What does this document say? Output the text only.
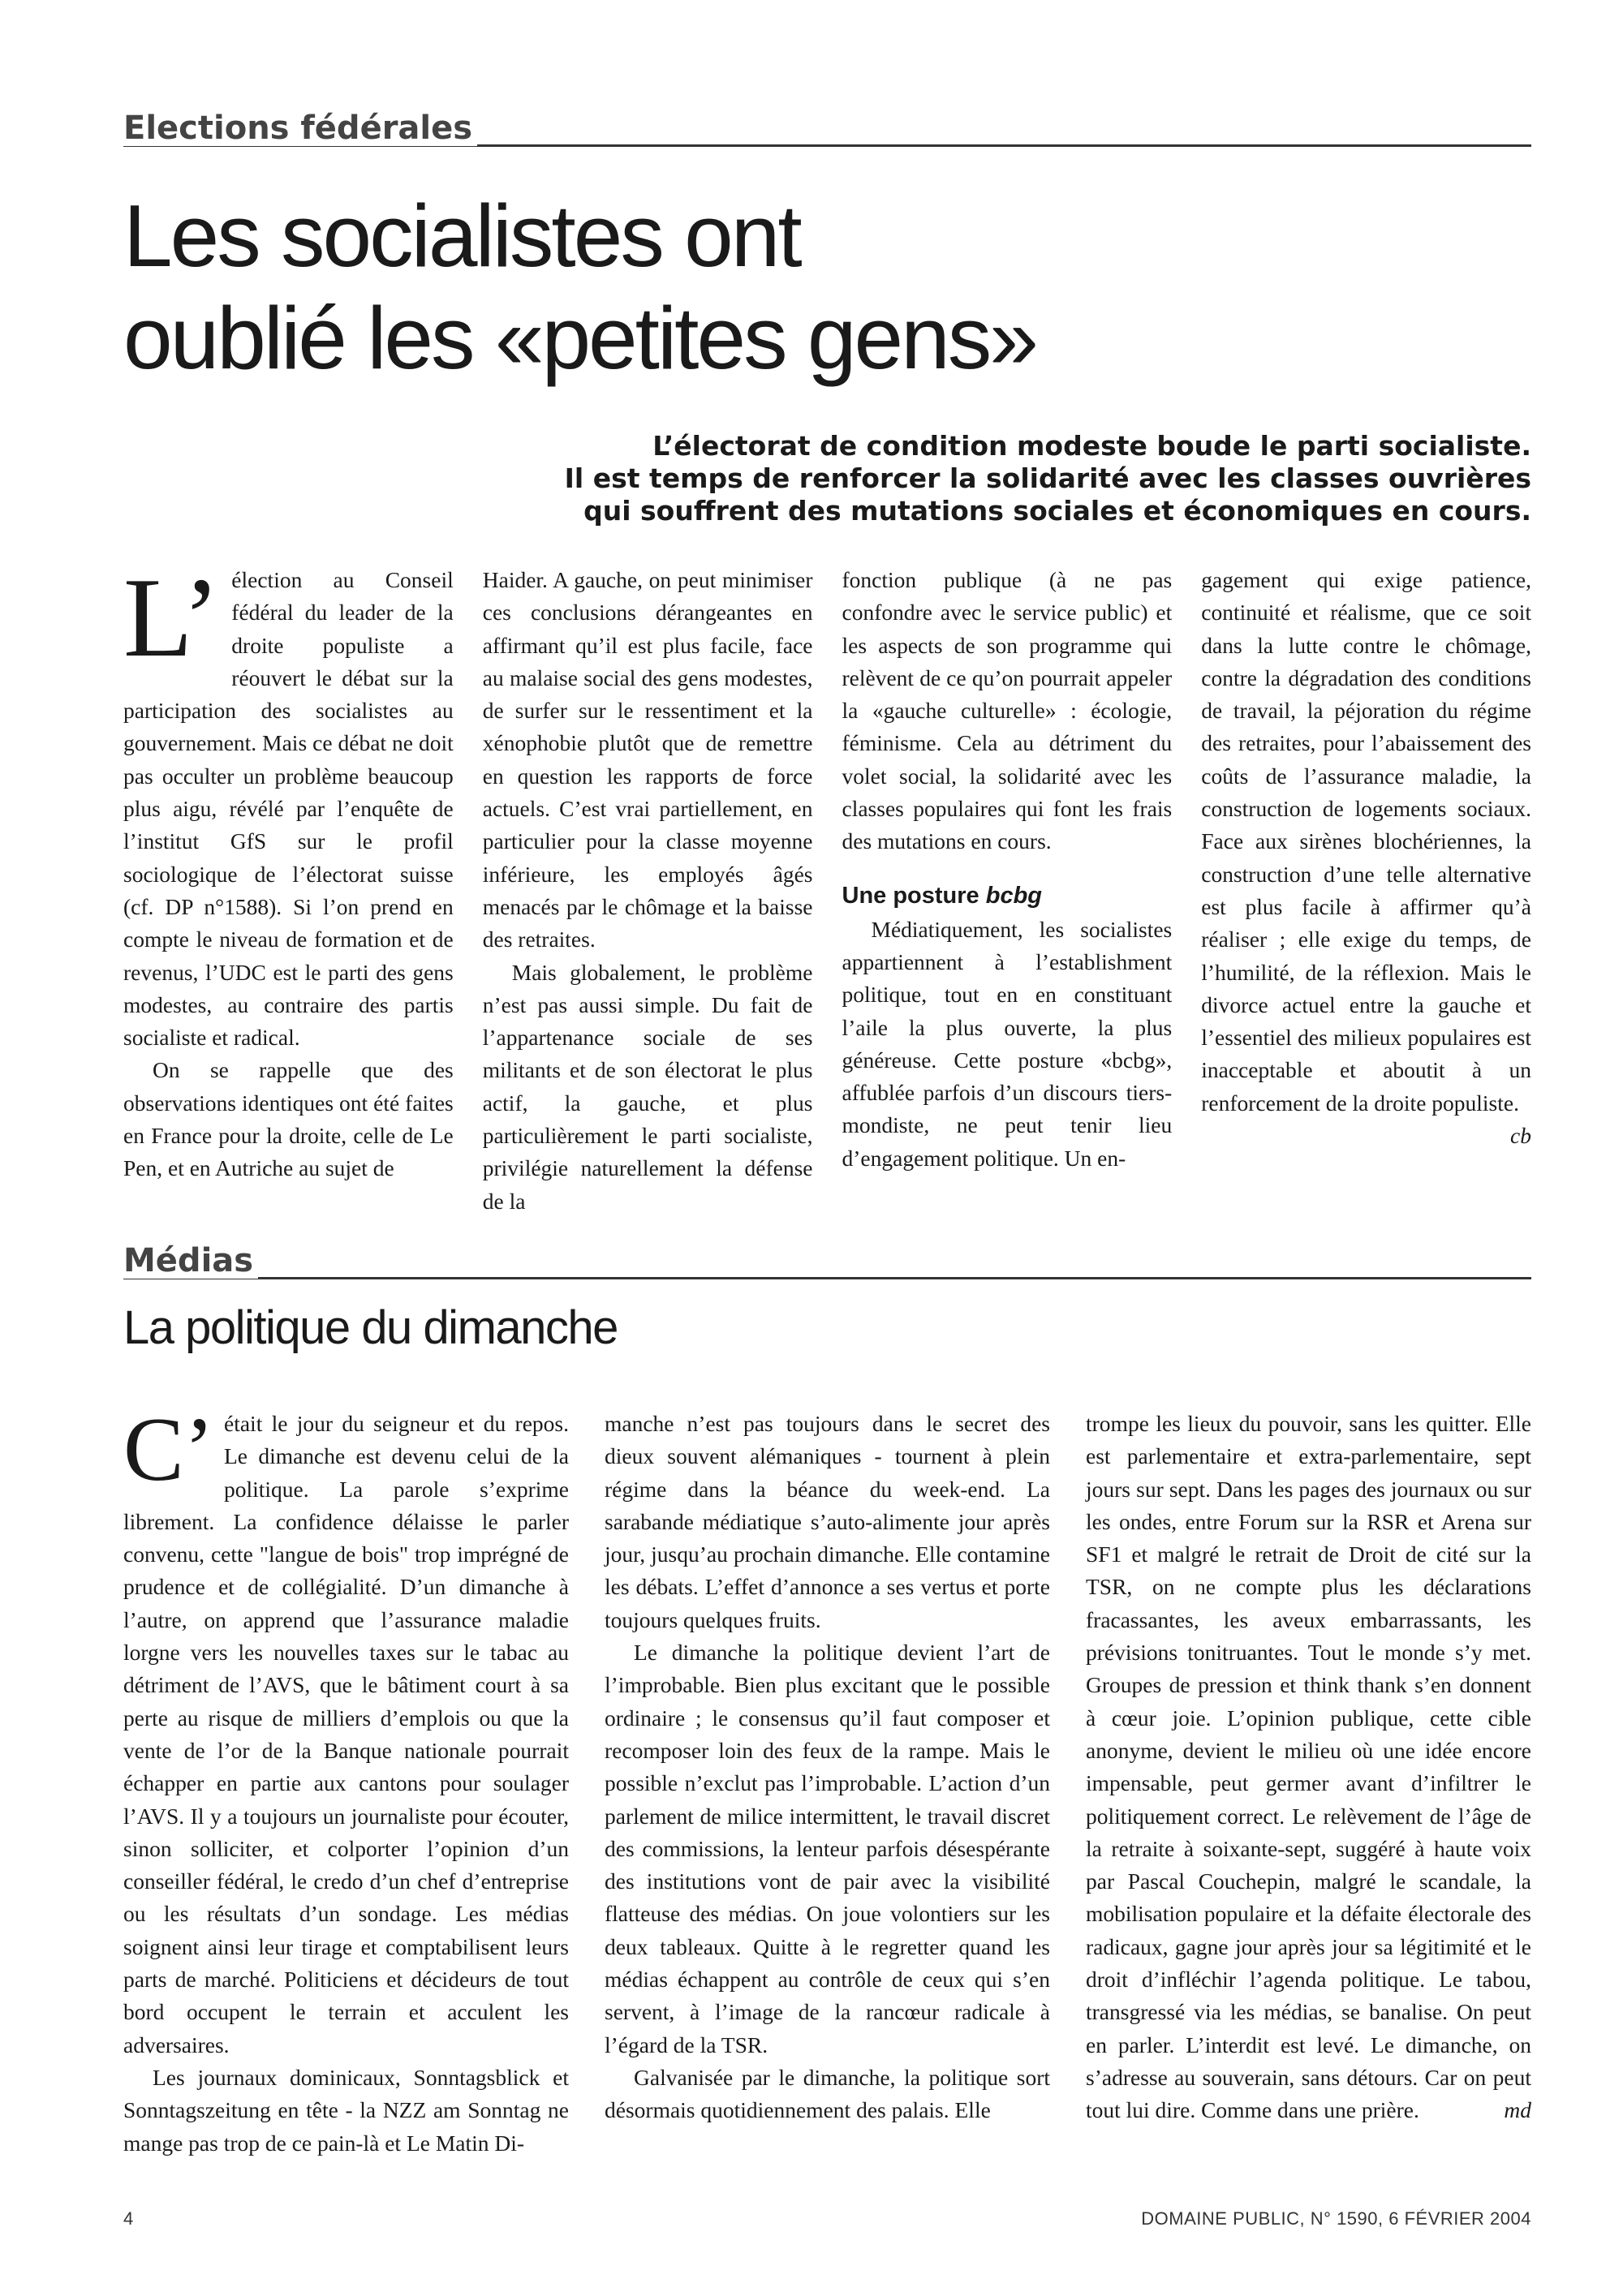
Elections fédérales
Les socialistes ont
oublié les «petites gens»
L’électorat de condition modeste boude le parti socialiste.
Il est temps de renforcer la solidarité avec les classes ouvrières
qui souffrent des mutations sociales et économiques en cours.

L’ élection au Conseil fédéral du leader de la droite populiste a réouvert le débat sur la participation des socialistes au gouvernement. Mais ce débat ne doit pas occulter un problème beaucoup plus aigu, révélé par l’enquête de l’institut GfS sur le profil sociologique de l’électorat suisse (cf. DP n°1588). Si l’on prend en compte le niveau de formation et de revenus, l’UDC est le parti des gens modestes, au contraire des partis socialiste et radical.

On se rappelle que des observations identiques ont été faites en France pour la droite, celle de Le Pen, et en Autriche au sujet de

Haider. A gauche, on peut minimiser ces conclusions dérangeantes en affirmant qu’il est plus facile, face au malaise social des gens modestes, de surfer sur le ressentiment et la xénophobie plutôt que de remettre en question les rapports de force actuels. C’est vrai partiellement, en particulier pour la classe moyenne inférieure, les employés âgés menacés par le chômage et la baisse des retraites.

Mais globalement, le problème n’est pas aussi simple. Du fait de l’appartenance sociale de ses militants et de son électorat le plus actif, la gauche, et plus particulièrement le parti socialiste, privilégie naturellement la défense de la

fonction publique (à ne pas confondre avec le service public) et les aspects de son programme qui relèvent de ce qu’on pourrait appeler la «gauche culturelle» : écologie, féminisme. Cela au détriment du volet social, la solidarité avec les classes populaires qui font les frais des mutations en cours.

Une posture bcbg

Médiatiquement, les socialistes appartiennent à l’establishment politique, tout en en constituant l’aile la plus ouverte, la plus généreuse. Cette posture «bcbg», affublée parfois d’un discours tiers-mondiste, ne peut tenir lieu d’engagement politique. Un en-

gagement qui exige patience, continuité et réalisme, que ce soit dans la lutte contre le chômage, contre la dégradation des conditions de travail, la péjoration du régime des retraites, pour l’abaissement des coûts de l’assurance maladie, la construction de logements sociaux. Face aux sirènes blochériennes, la construction d’une telle alternative est plus facile à affirmer qu’à réaliser ; elle exige du temps, de l’humilité, de la réflexion. Mais le divorce actuel entre la gauche et l’essentiel des milieux populaires est inacceptable et aboutit à un renforcement de la droite populiste.
cb

Médias
La politique du dimanche

C’ était le jour du seigneur et du repos. Le dimanche est devenu celui de la politique. La parole s’exprime librement. La confidence délaisse le parler convenu, cette "langue de bois" trop imprégné de prudence et de collégialité. D’un dimanche à l’autre, on apprend que l’assurance maladie lorgne vers les nouvelles taxes sur le tabac au détriment de l’AVS, que le bâtiment court à sa perte au risque de milliers d’emplois ou que la vente de l’or de la Banque nationale pourrait échapper en partie aux cantons pour soulager l’AVS. Il y a toujours un journaliste pour écouter, sinon solliciter, et colporter l’opinion d’un conseiller fédéral, le credo d’un chef d’entreprise ou les résultats d’un sondage. Les médias soignent ainsi leur tirage et comptabilisent leurs parts de marché. Politiciens et décideurs de tout bord occupent le terrain et acculent les adversaires.

Les journaux dominicaux, Sonntagsblick et Sonntagszeitung en tête - la NZZ am Sonntag ne mange pas trop de ce pain-là et Le Matin Di-

manche n’est pas toujours dans le secret des dieux souvent alémaniques - tournent à plein régime dans la béance du week-end. La sarabande médiatique s’auto-alimente jour après jour, jusqu’au prochain dimanche. Elle contamine les débats. L’effet d’annonce a ses vertus et porte toujours quelques fruits.

Le dimanche la politique devient l’art de l’improbable. Bien plus excitant que le possible ordinaire ; le consensus qu’il faut composer et recomposer loin des feux de la rampe. Mais le possible n’exclut pas l’improbable. L’action d’un parlement de milice intermittent, le travail discret des commissions, la lenteur parfois désespérante des institutions vont de pair avec la visibilité flatteuse des médias. On joue volontiers sur les deux tableaux. Quitte à le regretter quand les médias échappent au contrôle de ceux qui s’en servent, à l’image de la rancœur radicale à l’égard de la TSR.

Galvanisée par le dimanche, la politique sort désormais quotidiennement des palais. Elle

trompe les lieux du pouvoir, sans les quitter. Elle est parlementaire et extra-parlementaire, sept jours sur sept. Dans les pages des journaux ou sur les ondes, entre Forum sur la RSR et Arena sur SF1 et malgré le retrait de Droit de cité sur la TSR, on ne compte plus les déclarations fracassantes, les aveux embarrassants, les prévisions tonitruantes. Tout le monde s’y met. Groupes de pression et think thank s’en donnent à cœur joie. L’opinion publique, cette cible anonyme, devient le milieu où une idée encore impensable, peut germer avant d’infiltrer le politiquement correct. Le relèvement de l’âge de la retraite à soixante-sept, suggéré à haute voix par Pascal Couchepin, malgré le scandale, la mobilisation populaire et la défaite électorale des radicaux, gagne jour après jour sa légitimité et le droit d’infléchir l’agenda politique. Le tabou, transgressé via les médias, se banalise. On peut en parler. L’interdit est levé. Le dimanche, on s’adresse au souverain, sans détours. Car on peut tout lui dire. Comme dans une prière.	md

4	DOMAINE PUBLIC, N° 1590, 6 FÉVRIER 2004
